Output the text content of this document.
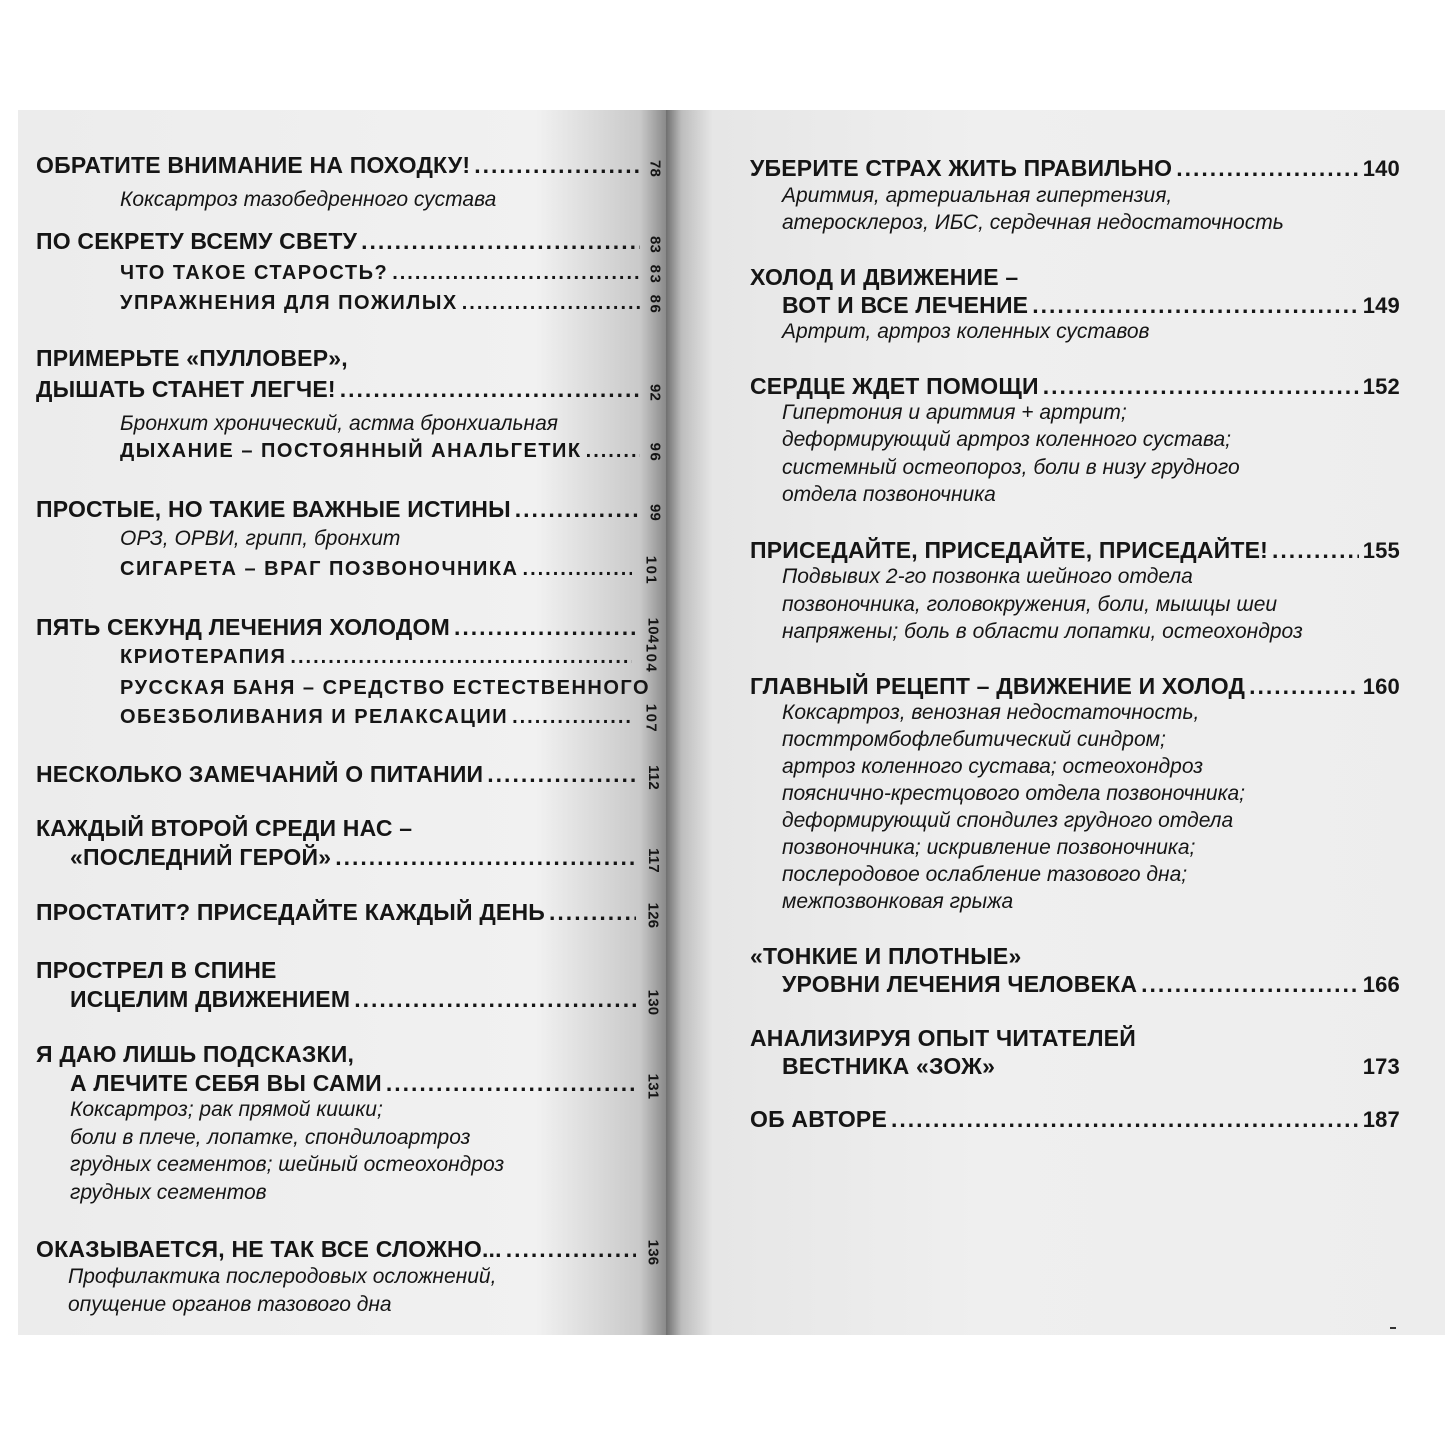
ОБРАТИТЕ ВНИМАНИЕ НА ПОХОДКУ! .....	78
Коксартроз тазобедренного сустава
ПО СЕКРЕТУ ВСЕМУ СВЕТУ .....	83
ЧТО ТАКОЕ СТАРОСТЬ? .....	83
УПРАЖНЕНИЯ ДЛЯ ПОЖИЛЫХ .....	86
ПРИМЕРЬТЕ «ПУЛЛОВЕР»,
ДЫШАТЬ СТАНЕТ ЛЕГЧЕ! .....	92
Бронхит хронический, астма бронхиальная
ДЫХАНИЕ – ПОСТОЯННЫЙ АНАЛЬГЕТИК .....	96
ПРОСТЫЕ, НО ТАКИЕ ВАЖНЫЕ ИСТИНЫ .....	99
ОРЗ, ОРВИ, грипп, бронхит
СИГАРЕТА – ВРАГ ПОЗВОНОЧНИКА .....	101
ПЯТЬ СЕКУНД ЛЕЧЕНИЯ ХОЛОДОМ .....	104
КРИОТЕРАПИЯ .....	104
РУССКАЯ БАНЯ – СРЕДСТВО ЕСТЕСТВЕННОГО
ОБЕЗБОЛИВАНИЯ И РЕЛАКСАЦИИ .....	107
НЕСКОЛЬКО ЗАМЕЧАНИЙ О ПИТАНИИ .....	112
КАЖДЫЙ ВТОРОЙ СРЕДИ НАС –
«ПОСЛЕДНИЙ ГЕРОЙ» .....	117
ПРОСТАТИТ? ПРИСЕДАЙТЕ КАЖДЫЙ ДЕНЬ .....	126
ПРОСТРЕЛ В СПИНЕ
ИСЦЕЛИМ ДВИЖЕНИЕМ .....	130
Я ДАЮ ЛИШЬ ПОДСКАЗКИ,
А ЛЕЧИТЕ СЕБЯ ВЫ САМИ .....	131
Коксартроз; рак прямой кишки;
боли в плече, лопатке, спондилоартроз
грудных сегментов; шейный остеохондроз
грудных сегментов
ОКАЗЫВАЕТСЯ, НЕ ТАК ВСЕ СЛОЖНО... .....	136
Профилактика послеродовых осложнений,
опущение органов тазового дна
УБЕРИТЕ СТРАХ ЖИТЬ ПРАВИЛЬНО .....	140
Аритмия, артериальная гипертензия,
атеросклероз, ИБС, сердечная недостаточность
ХОЛОД И ДВИЖЕНИЕ –
ВОТ И ВСЕ ЛЕЧЕНИЕ .....	149
Артрит, артроз коленных суставов
СЕРДЦЕ ЖДЕТ ПОМОЩИ .....	152
Гипертония и аритмия + артрит;
деформирующий артроз коленного сустава;
системный остеопороз, боли в низу грудного
отдела позвоночника
ПРИСЕДАЙТЕ, ПРИСЕДАЙТЕ, ПРИСЕДАЙТЕ! .....	155
Подвывих 2-го позвонка шейного отдела
позвоночника, головокружения, боли, мышцы шеи
напряжены; боль в области лопатки, остеохондроз
ГЛАВНЫЙ РЕЦЕПТ – ДВИЖЕНИЕ И ХОЛОД .....	160
Коксартроз, венозная недостаточность,
посттромбофлебитический синдром;
артроз коленного сустава; остеохондроз
пояснично-крестцового отдела позвоночника;
деформирующий спондилез грудного отдела
позвоночника; искривление позвоночника;
послеродовое ослабление тазового дна;
межпозвонковая грыжа
«ТОНКИЕ И ПЛОТНЫЕ»
УРОВНИ ЛЕЧЕНИЯ ЧЕЛОВЕКА .....	166
АНАЛИЗИРУЯ ОПЫТ ЧИТАТЕЛЕЙ
ВЕСТНИКА «ЗОЖ»	173
ОБ АВТОРЕ .....	187
